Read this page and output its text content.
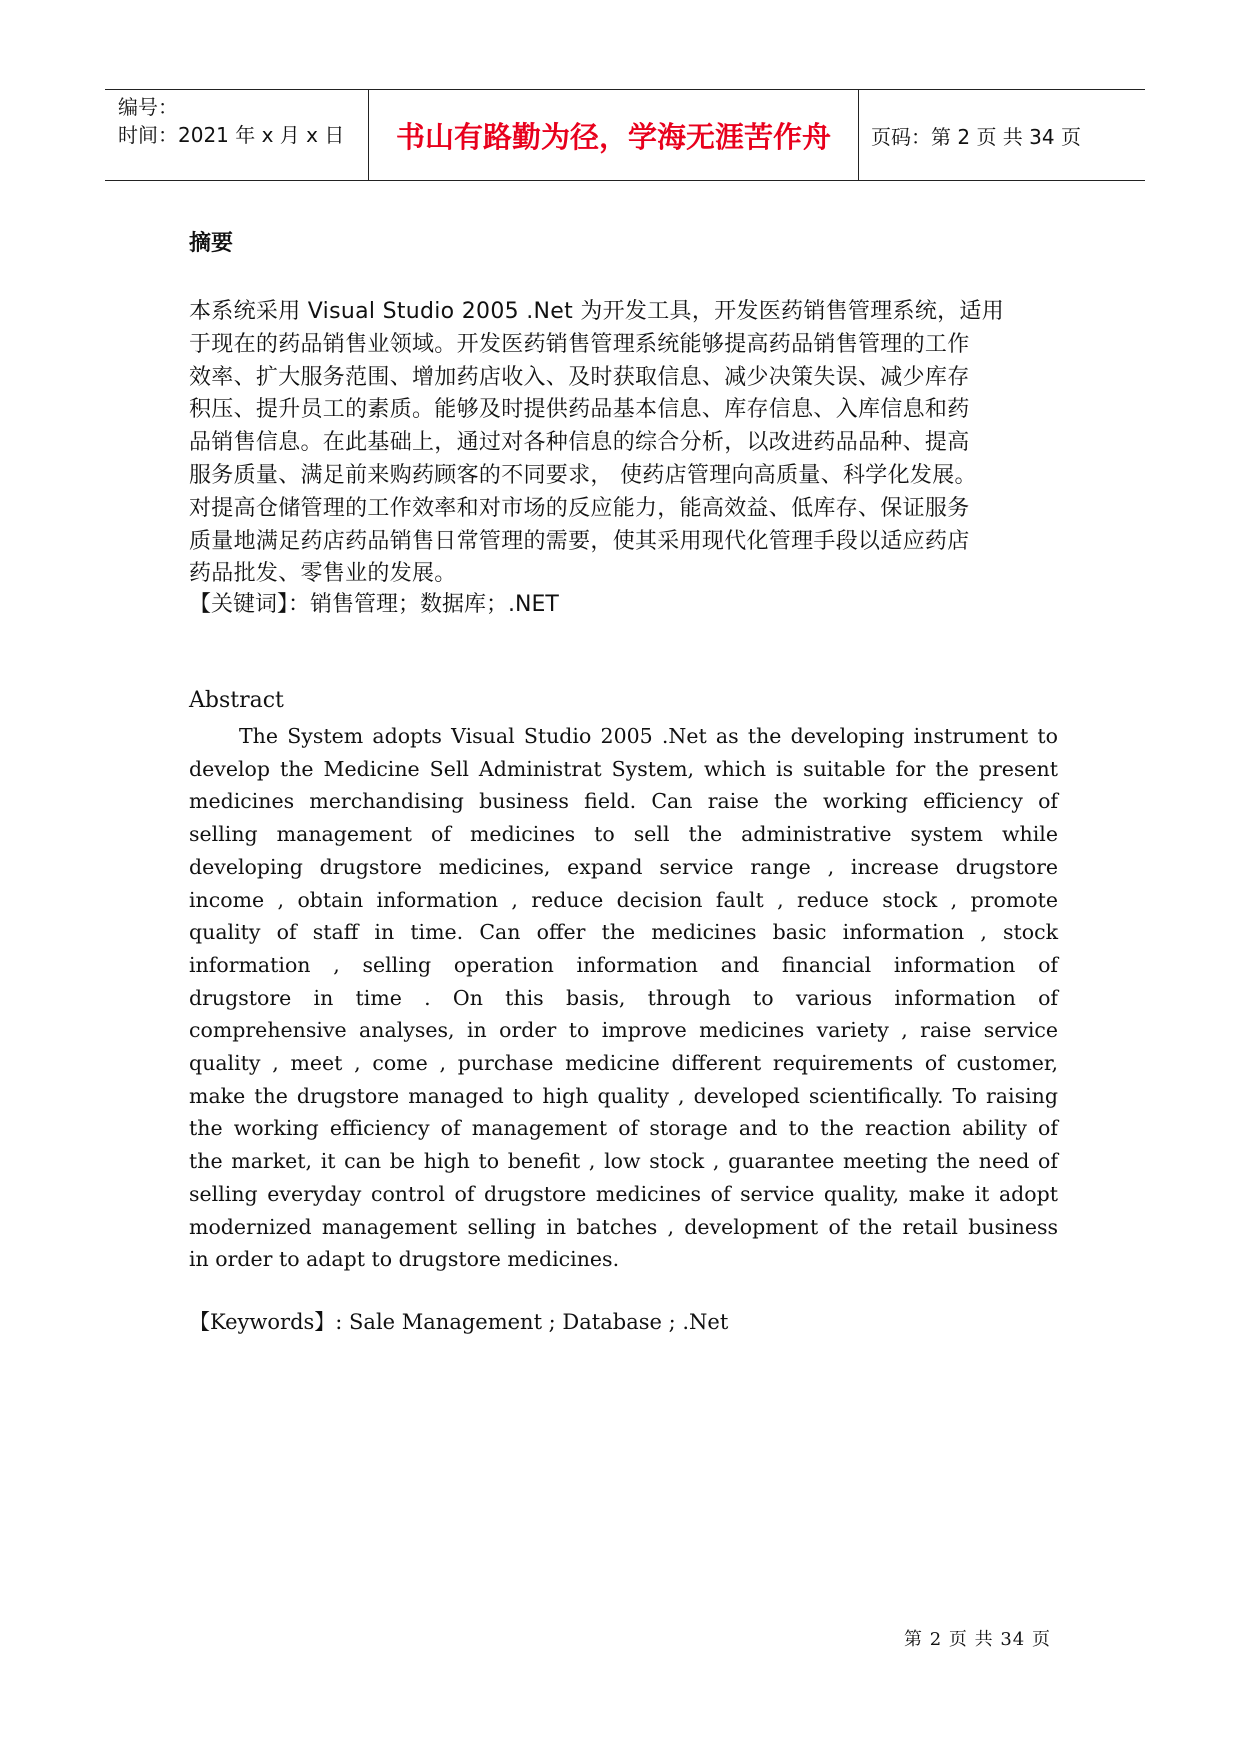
编号：
时间：2021 年 x 月 x 日	书山有路勤为径，学海无涯苦作舟	页码：第 2 页 共 34 页
摘要
本系统采用 Visual Studio 2005 .Net 为开发工具，开发医药销售管理系统，适用
于现在的药品销售业领域。开发医药销售管理系统能够提高药品销售管理的工作
效率、扩大服务范围、增加药店收入、及时获取信息、减少决策失误、减少库存
积压、提升员工的素质。能够及时提供药品基本信息、库存信息、入库信息和药
品销售信息。在此基础上，通过对各种信息的综合分析，以改进药品品种、提高
服务质量、满足前来购药顾客的不同要求， 使药店管理向高质量、科学化发展。
对提高仓储管理的工作效率和对市场的反应能力，能高效益、低库存、保证服务
质量地满足药店药品销售日常管理的需要，使其采用现代化管理手段以适应药店
药品批发、零售业的发展。
【关键词】：销售管理；数据库；.NET
Abstract
The System adopts Visual Studio 2005 .Net as the developing instrument to
develop the Medicine Sell Administrat System, which is suitable for the present
medicines merchandising business field. Can raise the working efficiency of
selling management of medicines to sell the administrative system while
developing drugstore medicines, expand service range , increase drugstore
income , obtain information , reduce decision fault , reduce stock , promote
quality of staff in time. Can offer the medicines basic information , stock
information , selling operation information and financial information of
drugstore in time . On this basis, through to various information of
comprehensive analyses, in order to improve medicines variety , raise service
quality , meet , come , purchase medicine different requirements of customer,
make the drugstore managed to high quality , developed scientifically. To raising
the working efficiency of management of storage and to the reaction ability of
the market, it can be high to benefit , low stock , guarantee meeting the need of
selling everyday control of drugstore medicines of service quality, make it adopt
modernized management selling in batches , development of the retail business
in order to adapt to drugstore medicines.
【Keywords】: Sale Management ; Database ; .Net
第 2 页 共 34 页
